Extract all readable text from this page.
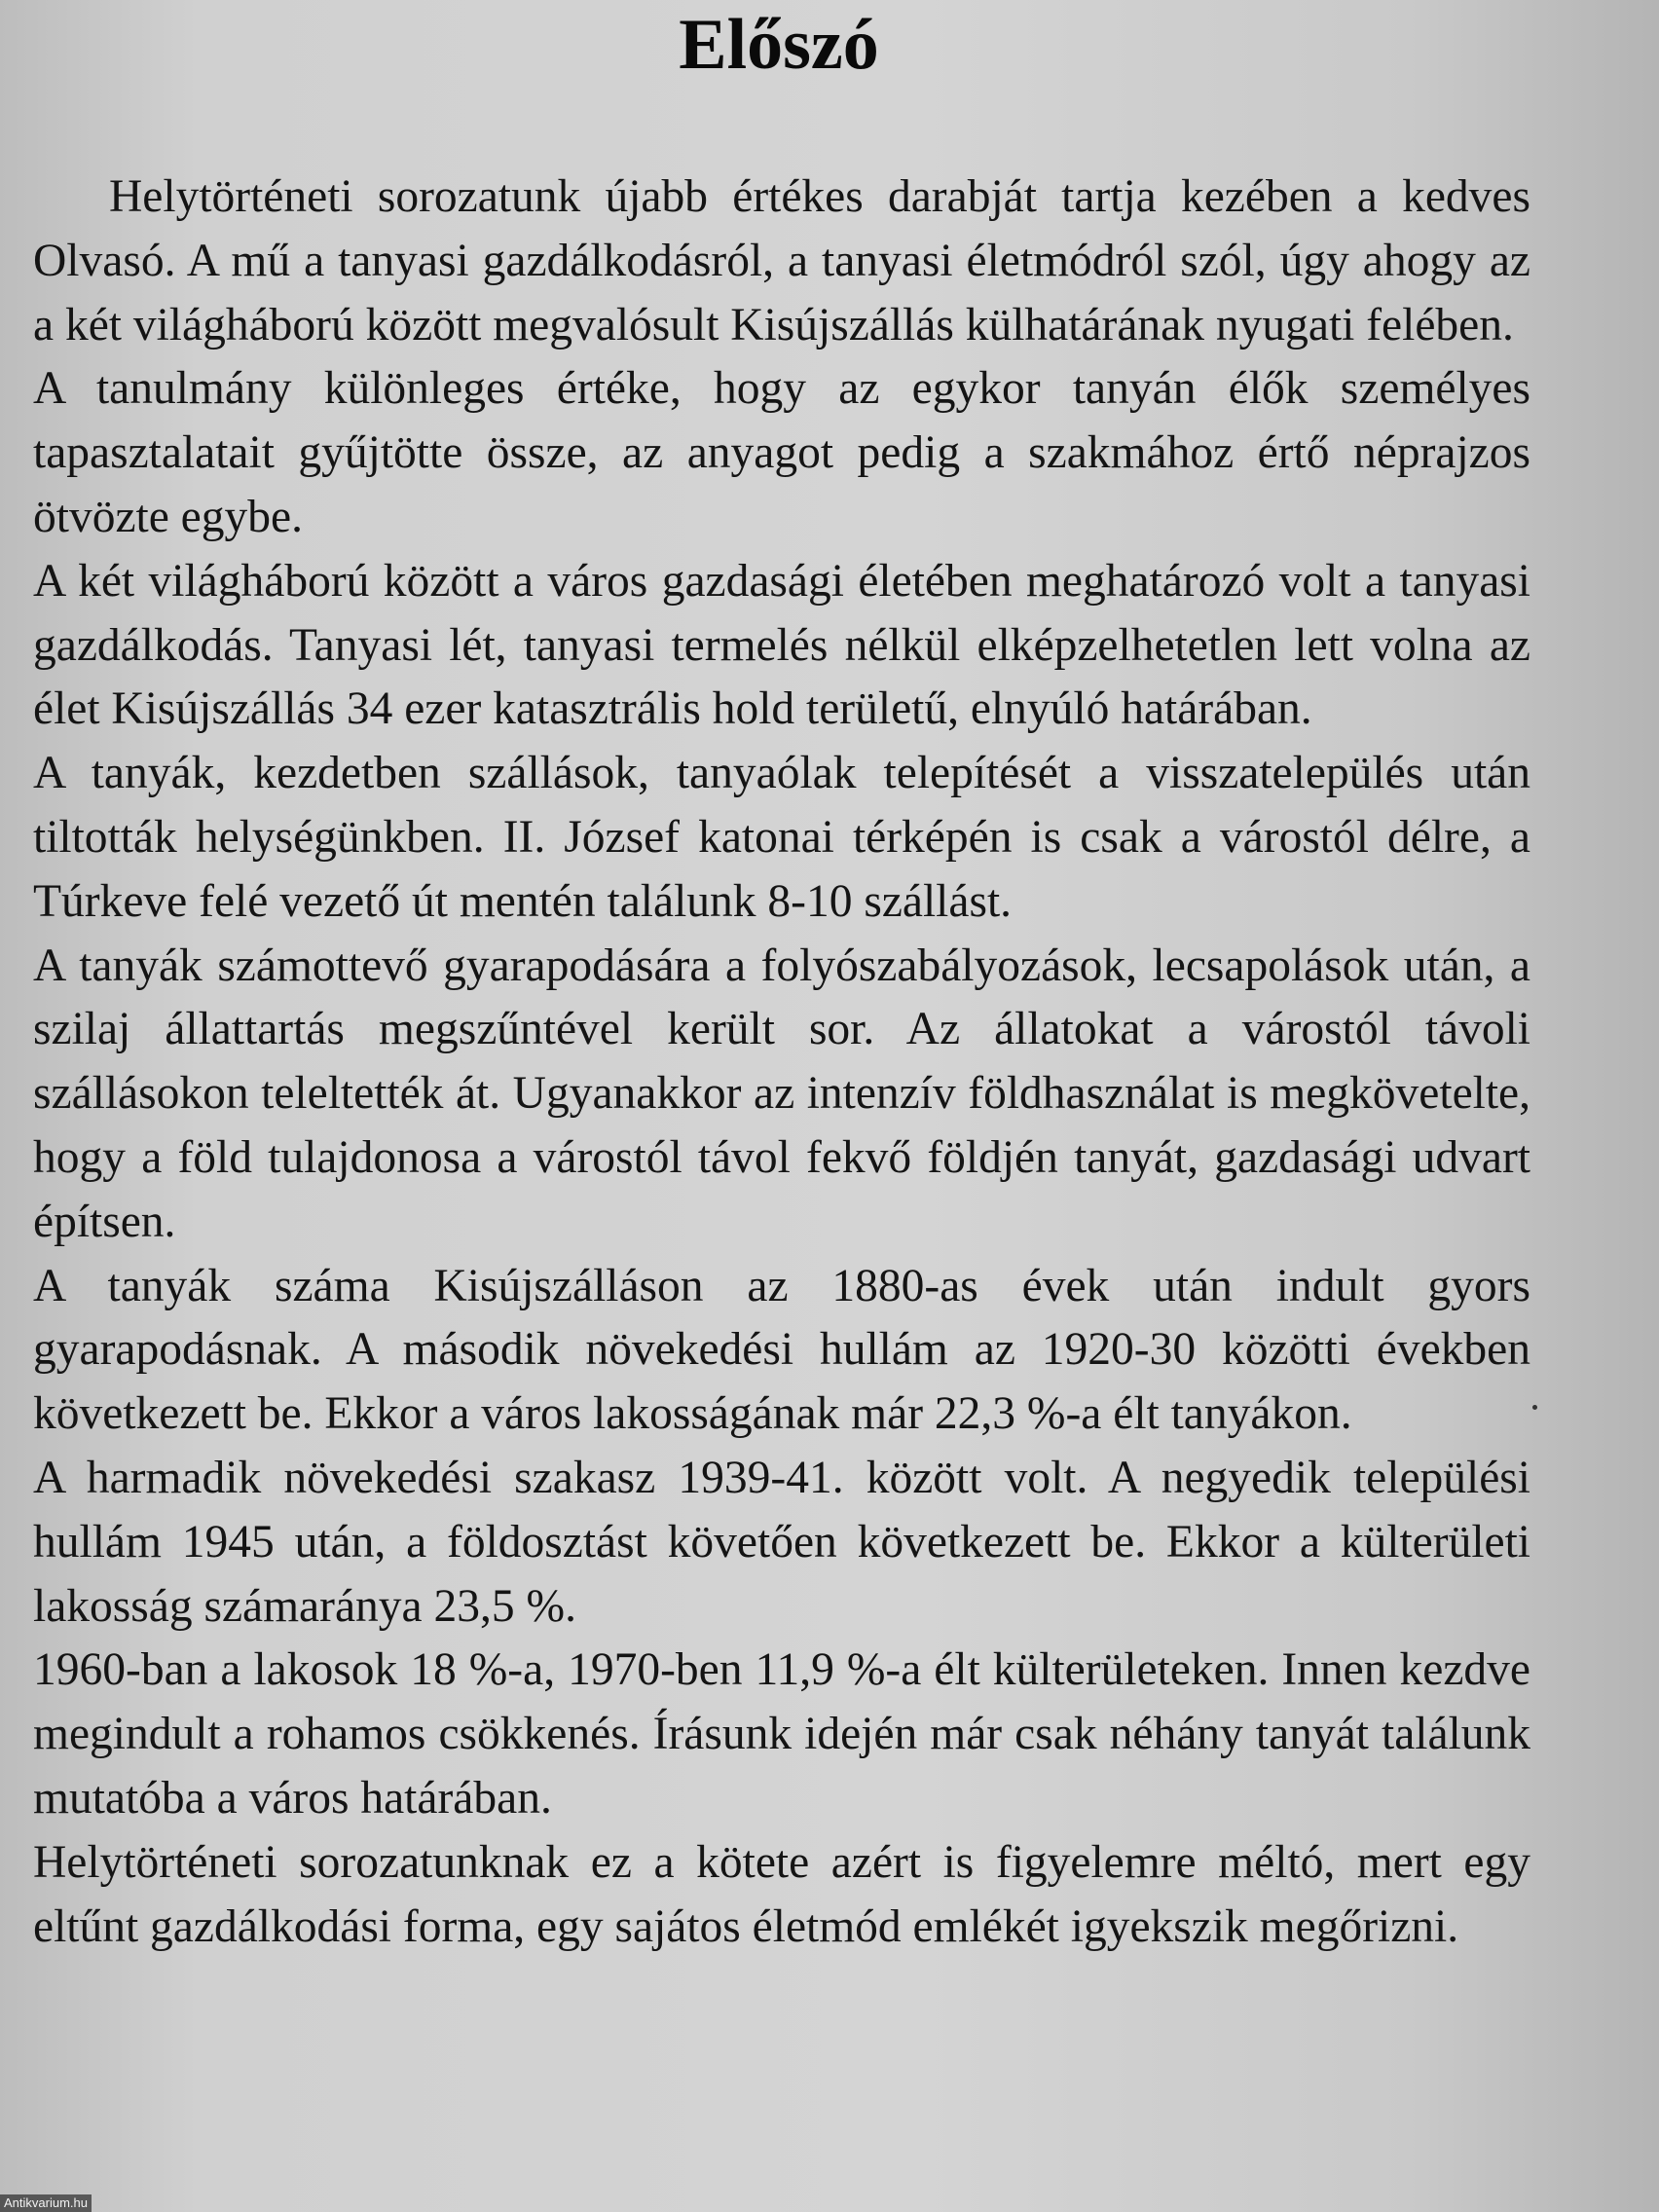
Előszó

Helytörténeti sorozatunk újabb értékes darabját tartja kezében a kedves Olvasó. A mű a tanyasi gazdálkodásról, a tanyasi életmódról szól, úgy ahogy az a két világháború között megvalósult Kisújszállás külhatárának nyugati felében.

A tanulmány különleges értéke, hogy az egykor tanyán élők személyes tapasztalatait gyűjtötte össze, az anyagot pedig a szakmához értő néprajzos ötvözte egybe.

A két világháború között a város gazdasági életében meghatározó volt a tanyasi gazdálkodás. Tanyasi lét, tanyasi termelés nélkül elképzelhetetlen lett volna az élet Kisújszállás 34 ezer katasztrális hold területű, elnyúló határában.

A tanyák, kezdetben szállások, tanyaólak telepítését a visszatelepülés után tiltották helységünkben. II. József katonai térképén is csak a várostól délre, a Túrkeve felé vezető út mentén találunk 8-10 szállást.

A tanyák számottevő gyarapodására a folyószabályozások, lecsapolások után, a szilaj állattartás megszűntével került sor. Az állatokat a várostól távoli szállásokon teleltették át. Ugyanakkor az intenzív földhasználat is megkövetelte, hogy a föld tulajdonosa a várostól távol fekvő földjén tanyát, gazdasági udvart építsen.

A tanyák száma Kisújszálláson az 1880-as évek után indult gyors gyarapodásnak. A második növekedési hullám az 1920-30 közötti években következett be. Ekkor a város lakosságának már 22,3 %-a élt tanyákon.

A harmadik növekedési szakasz 1939-41. között volt. A negyedik települési hullám 1945 után, a földosztást követően következett be. Ekkor a külterületi lakosság számaránya 23,5 %.

1960-ban a lakosok 18 %-a, 1970-ben 11,9 %-a élt külterületeken. Innen kezdve megindult a rohamos csökkenés. Írásunk idején már csak néhány tanyát találunk mutatóba a város határában.

Helytörténeti sorozatunknak ez a kötete azért is figyelemre méltó, mert egy eltűnt gazdálkodási forma, egy sajátos életmód emlékét igyekszik megőrizni.

Antikvarium.hu
